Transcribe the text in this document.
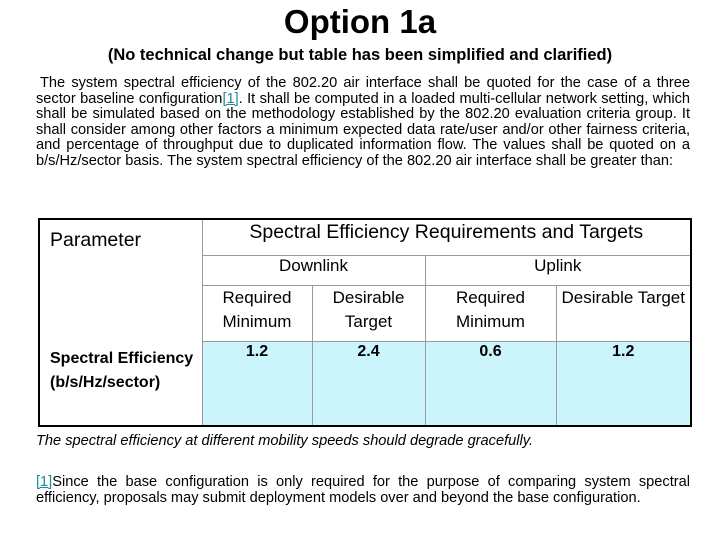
Option 1a
(No technical change but table has been simplified and clarified)
The system spectral efficiency of the 802.20 air interface shall be quoted for the case of a three sector baseline configuration[1]. It shall be computed in a loaded multi-cellular network setting, which shall be simulated based on the methodology established by the 802.20 evaluation criteria group. It shall consider among other factors a minimum expected data rate/user and/or other fairness criteria, and percentage of throughput due to duplicated information flow. The values shall be quoted on a b/s/Hz/sector basis. The system spectral efficiency of the 802.20 air interface shall be greater than:
Parameter	Spectral Efficiency Requirements and Targets			
	Downlink		Uplink	
	Required Minimum	Desirable Target	Required Minimum	Desirable Target

Spectral Efficiency (b/s/Hz/sector)	1.2	2.4	0.6	1.2
The spectral efficiency at different mobility speeds should degrade gracefully.
[1]Since the base configuration is only required for the purpose of comparing system spectral efficiency, proposals may submit deployment models over and beyond the base configuration.
